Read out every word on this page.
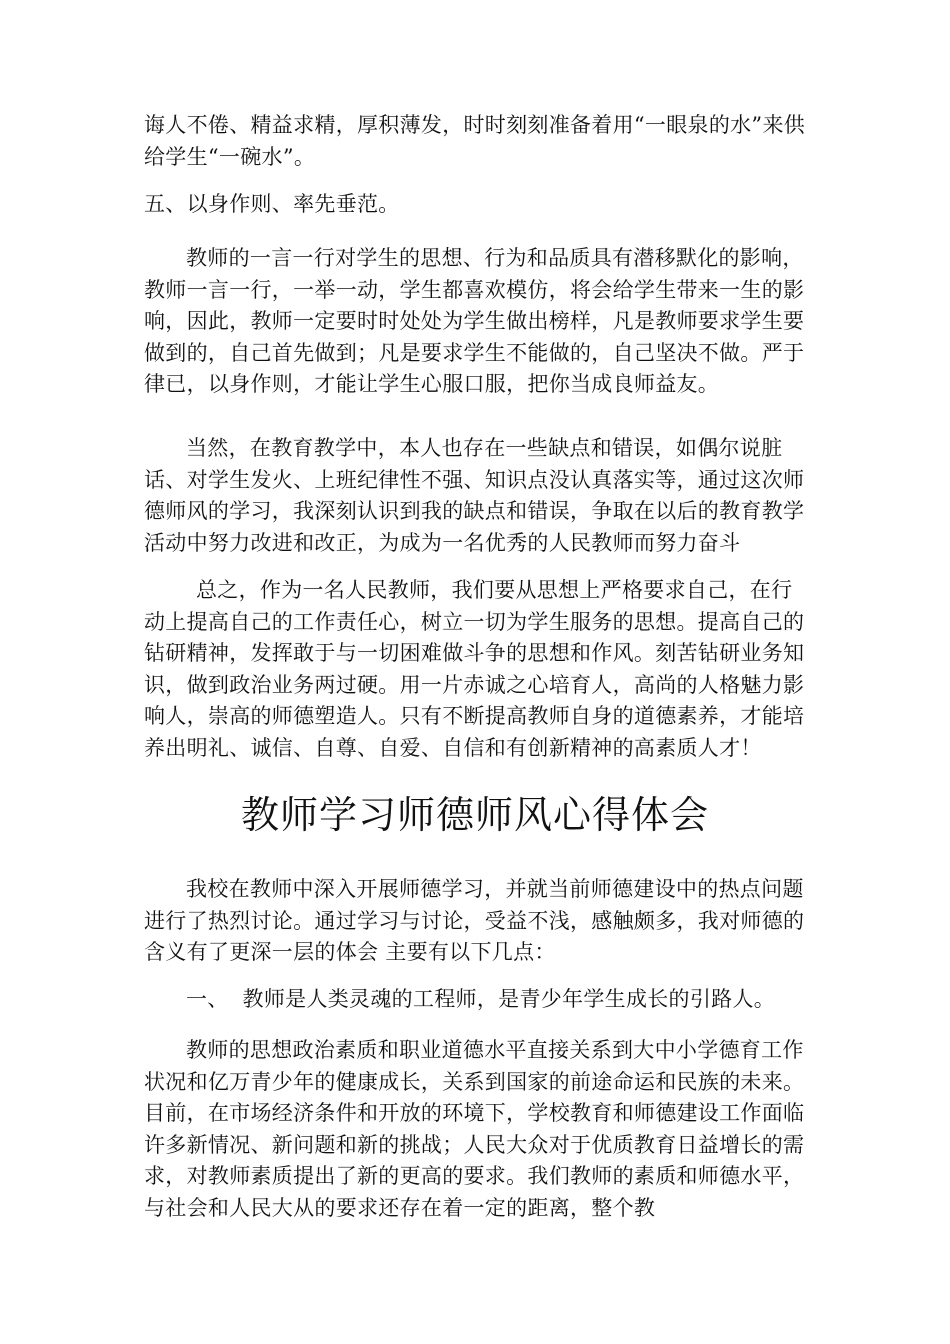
诲人不倦、精益求精，厚积薄发，时时刻刻准备着用“一眼泉的水”来供给学生“一碗水”。

五、以身作则、率先垂范。

教师的一言一行对学生的思想、行为和品质具有潜移默化的影响，教师一言一行，一举一动，学生都喜欢模仿，将会给学生带来一生的影响，因此，教师一定要时时处处为学生做出榜样，凡是教师要求学生要做到的，自己首先做到；凡是要求学生不能做的，自己坚决不做。严于律已，以身作则，才能让学生心服口服，把你当成良师益友。

当然，在教育教学中，本人也存在一些缺点和错误，如偶尔说脏话、对学生发火、上班纪律性不强、知识点没认真落实等，通过这次师德师风的学习，我深刻认识到我的缺点和错误，争取在以后的教育教学活动中努力改进和改正，为成为一名优秀的人民教师而努力奋斗

总之，作为一名人民教师，我们要从思想上严格要求自己，在行动上提高自己的工作责任心，树立一切为学生服务的思想。提高自己的钻研精神，发挥敢于与一切困难做斗争的思想和作风。刻苦钻研业务知识，做到政治业务两过硬。用一片赤诚之心培育人，高尚的人格魅力影响人，崇高的师德塑造人。只有不断提高教师自身的道德素养，才能培养出明礼、诚信、自尊、自爱、自信和有创新精神的高素质人才！

教师学习师德师风心得体会

我校在教师中深入开展师德学习，并就当前师德建设中的热点问题进行了热烈讨论。通过学习与讨论，受益不浅，感触颇多，我对师德的含义有了更深一层的体会 主要有以下几点：

一、  教师是人类灵魂的工程师，是青少年学生成长的引路人。

教师的思想政治素质和职业道德水平直接关系到大中小学德育工作状况和亿万青少年的健康成长，关系到国家的前途命运和民族的未来。目前，在市场经济条件和开放的环境下，学校教育和师德建设工作面临许多新情况、新问题和新的挑战；人民大众对于优质教育日益增长的需求，对教师素质提出了新的更高的要求。我们教师的素质和师德水平，与社会和人民大从的要求还存在着一定的距离，整个教
